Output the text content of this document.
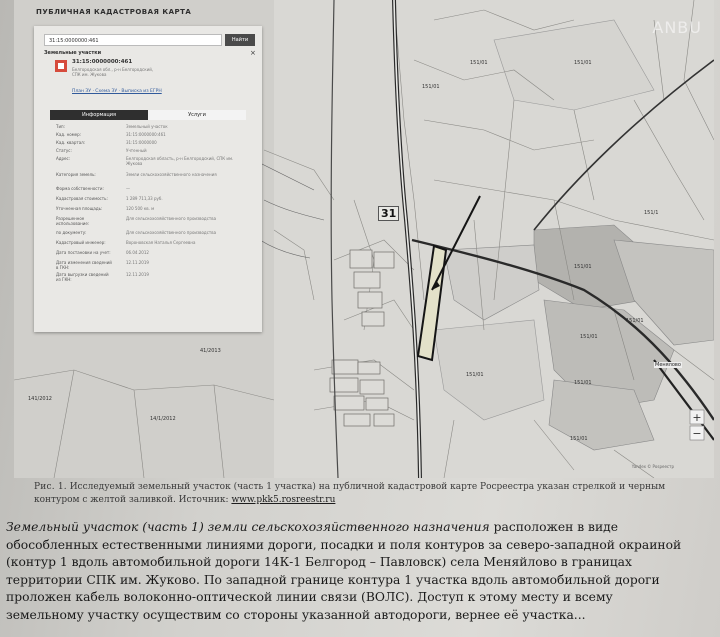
+
−
ПУБЛИЧНАЯ КАДАСТРОВАЯ КАРТА
ANBU
31
Менялово
151/01
151/01
151/01
151/01
151/01
151/01
151/01
151/01
151/01
141/2012
41/2013
14/1/2012
151/1
Yandex © Рosреестр
31:15:0000000:461	Найти
Земельные участки	×
31:15:0000000:461
Белгородская обл., р-н Белгородский,
СПК им. Жукова
План ЗУ · Схема ЗУ · Выписка из ЕГРН
Информация	Услуги
Тип:	Земельный участок
Кад. номер:	31:15:0000000:461
Кад. квартал:	31:15:0000000
Статус:	Учтенный
Адрес:	Белгородская область, р-н Белгородский, СПК им. Жукова
Категория земель:	Земли сельскохозяйственного назначения
Форма собственности:	—
Кадастровая стоимость:	1 289 711,33 руб.
Уточненная площадь:	120 500 кв. м
Разрешенное использование:
Для сельскохозяйственного производства
по документу:	Для сельскохозяйственного производства
Кадастровый инженер:	Вороновская Наталья Сергеевна
Дата постановки на учет:	06.04.2012
Дата изменения сведений в ГКН:
12.11.2019
Дата выгрузки сведений из ГКН:
12.11.2019
Рис. 1. Исследуемый земельный участок (часть 1 участка) на публичной кадастровой карте Росреестра указан стрелкой и черным контуром с желтой заливкой. Источник: www.pkk5.rosreestr.ru
Земельный участок (часть 1) земли сельскохозяйственного назначения расположен в виде
обособленных естественными линиями дороги, посадки и поля контуров за северо-западной окраиной
(контур 1 вдоль автомобильной дороги 14К-1 Белгород – Павловск) села Меняйлово в границах
территории СПК им. Жуково. По западной границе контура 1 участка вдоль автомобильной дороги
проложен кабель волоконно-оптической линии связи (ВОЛС). Доступ к этому месту и всему
земельному участку осуществим со стороны указанной автодороги, вернее её участка...
